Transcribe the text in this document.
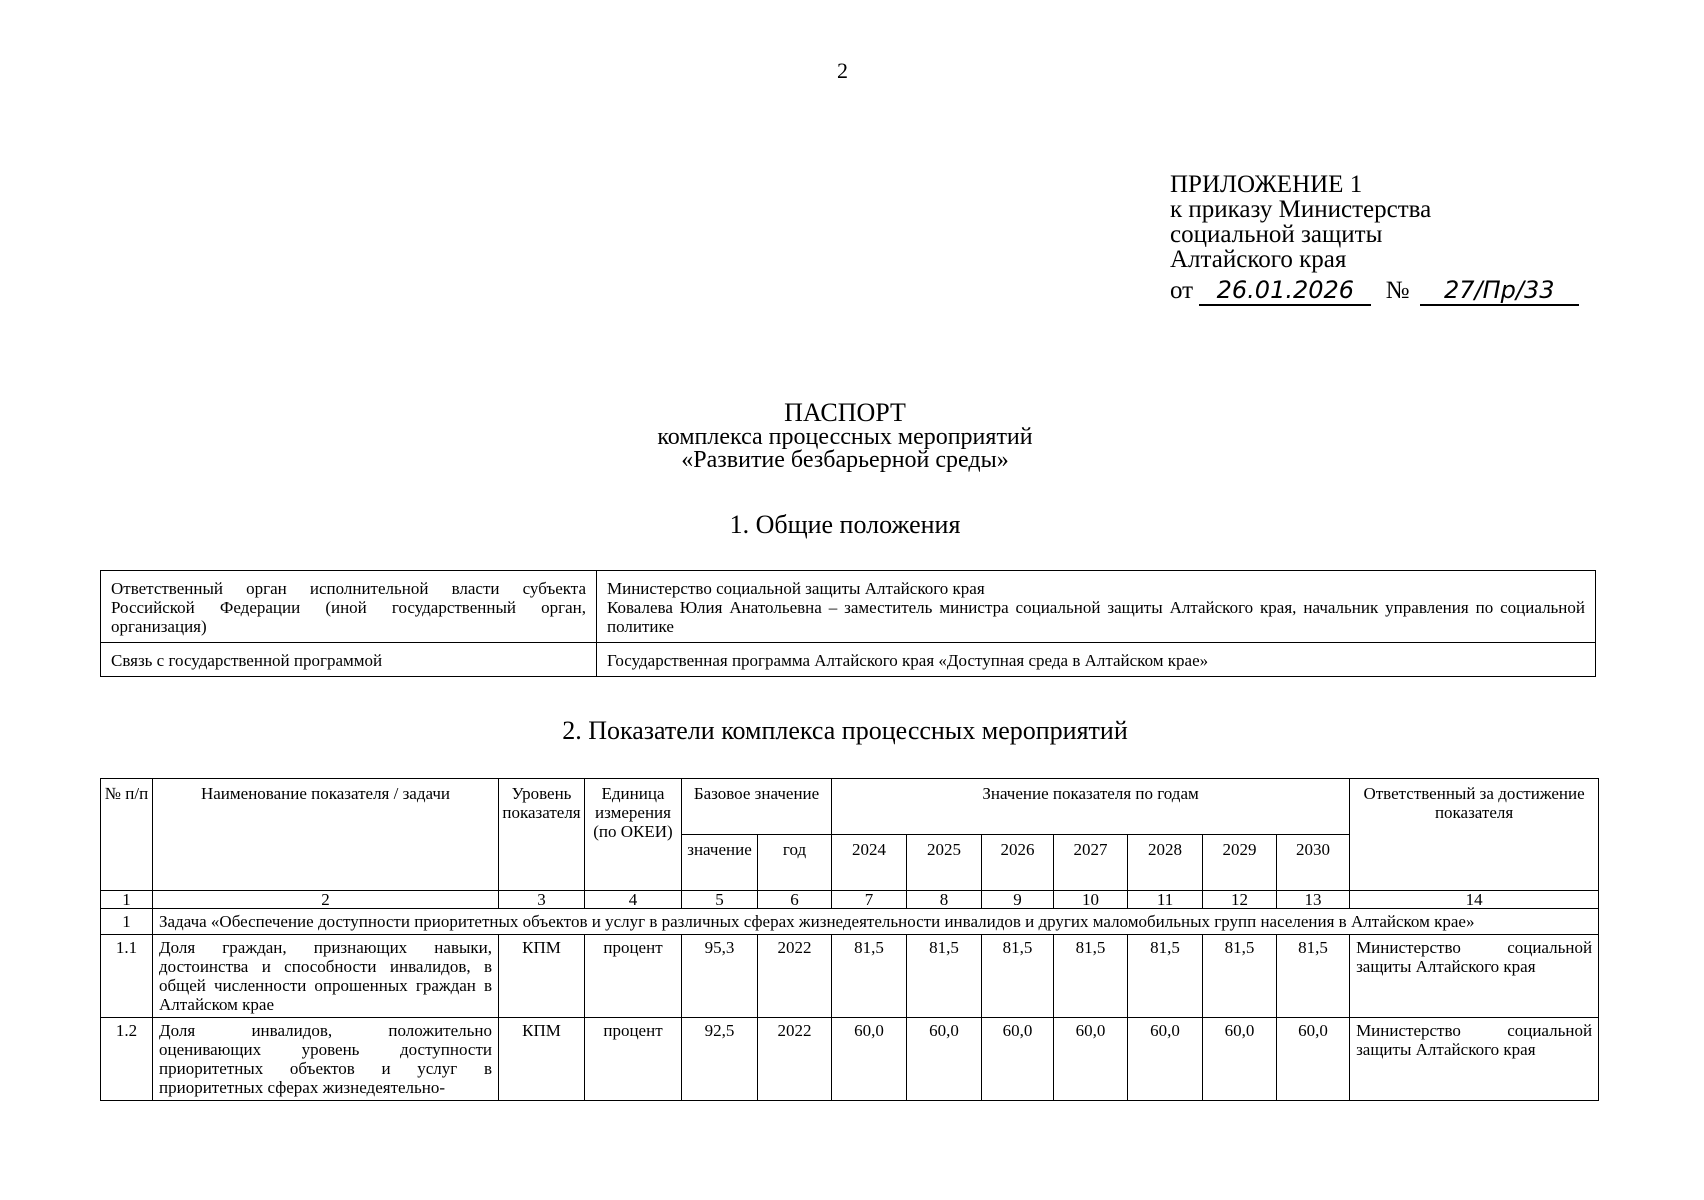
2
ПРИЛОЖЕНИЕ 1
к приказу Министерства
социальной защиты
Алтайского края
от 26.01.2026 № 27/Пр/33
ПАСПОРТ
комплекса процессных мероприятий
«Развитие безбарьерной среды»
1. Общие положения
Ответственный орган исполнительной власти субъекта Российской Федерации (иной государственный орган, организация)	Министерство социальной защиты Алтайского края
Ковалева Юлия Анатольевна – заместитель министра социальной защиты Алтайского края, начальник управления по социальной политике

Связь с государственной программой	Государственная программа Алтайского края «Доступная среда в Алтайском крае»
2. Показатели комплекса процессных мероприятий
№ п/п	Наименование показателя / задачи	Уровень показателя	Единица измерения (по ОКЕИ)	Базовое значение		Значение показателя по годам							Ответственный за достижение показателя
				значение	год	2024	2025	2026	2027	2028	2029	2030	
1	2	3	4	5	6	7	8	9	10	11	12	13	14
1	Задача «Обеспечение доступности приоритетных объектов и услуг в различных сферах жизнедеятельности инвалидов и других маломобильных групп населения в Алтайском крае»												
1.1	Доля граждан, признающих навыки, достоинства и способности инвалидов, в общей численности опрошенных граждан в Алтайском крае	КПМ	процент	95,3	2022	81,5	81,5	81,5	81,5	81,5	81,5	81,5	Министерство социальной защиты Алтайского края
1.2	Доля инвалидов, положительно оценивающих уровень доступности приоритетных объектов и услуг в приоритетных сферах жизнедеятельно-	КПМ	процент	92,5	2022	60,0	60,0	60,0	60,0	60,0	60,0	60,0	Министерство социальной защиты Алтайского края
